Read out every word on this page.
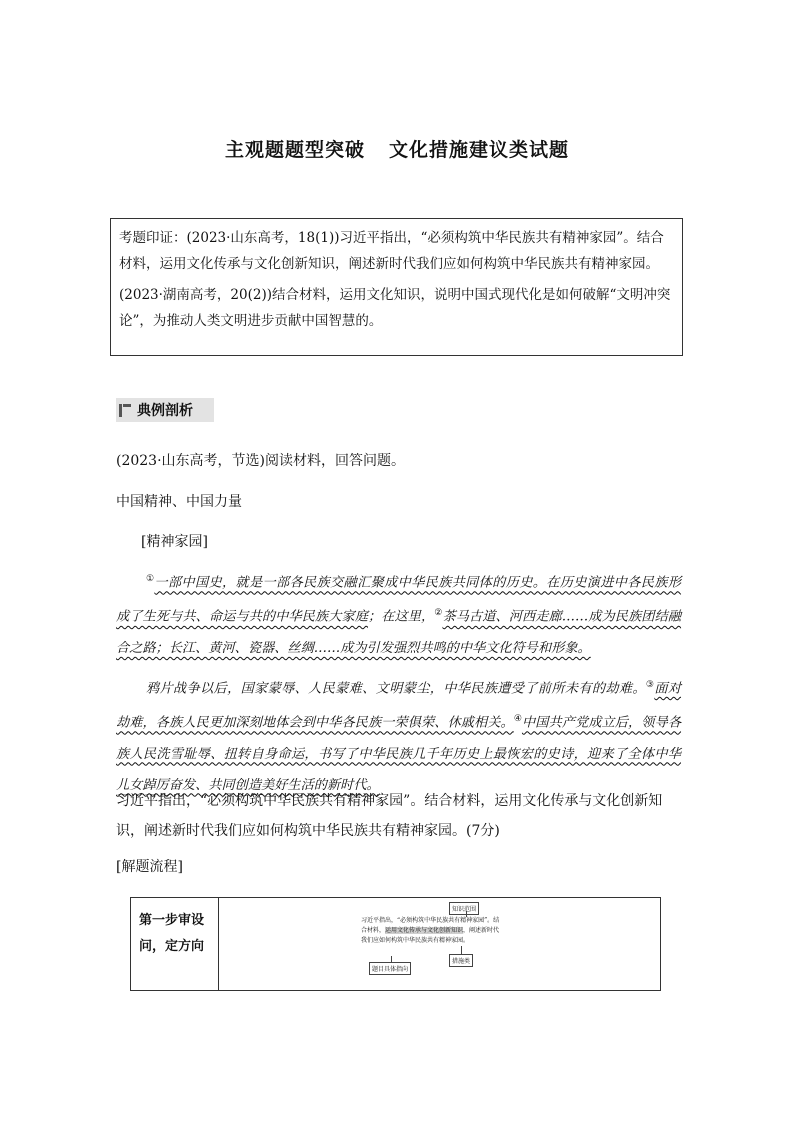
主观题题型突破 文化措施建议类试题

考题印证：(2023·山东高考，18(1))习近平指出，“必须构筑中华民族共有精神家园”。结合材料，运用文化传承与文化创新知识，阐述新时代我们应如何构筑中华民族共有精神家园。

(2023·湖南高考，20(2))结合材料，运用文化知识，说明中国式现代化是如何破解“文明冲突论”，为推动人类文明进步贡献中国智慧的。

典例剖析
(2023·山东高考，节选)阅读材料，回答问题。
中国精神、中国力量
[精神家园]

①一部中国史，就是一部各民族交融汇聚成中华民族共同体的历史。在历史演进中各民族形成了生死与共、命运与共的中华民族大家庭；在这里，②茶马古道、河西走廊……成为民族团结融合之路；长江、黄河、瓷器、丝绸……成为引发强烈共鸣的中华文化符号和形象。

鸦片战争以后，国家蒙辱、人民蒙难、文明蒙尘，中华民族遭受了前所未有的劫难。③面对劫难，各族人民更加深刻地体会到中华各民族一荣俱荣、休戚相关。④中国共产党成立后，领导各族人民洗雪耻辱、扭转自身命运，书写了中华民族几千年历史上最恢宏的史诗，迎来了全体中华儿女踔厉奋发、共同创造美好生活的新时代。

习近平指出，“必须构筑中华民族共有精神家园”。结合材料，运用文化传承与文化创新知识，阐述新时代我们应如何构筑中华民族共有精神家园。(7分)

[解题流程]
第一步审设问，定方向
知识范围
习近平指出，“必须构筑中华民族共有精神家园”。结合材料，运用文化传承与文化创新知识，阐述新时代我们应如何构筑中华民族共有精神家园。
措施类
题目具体指向
